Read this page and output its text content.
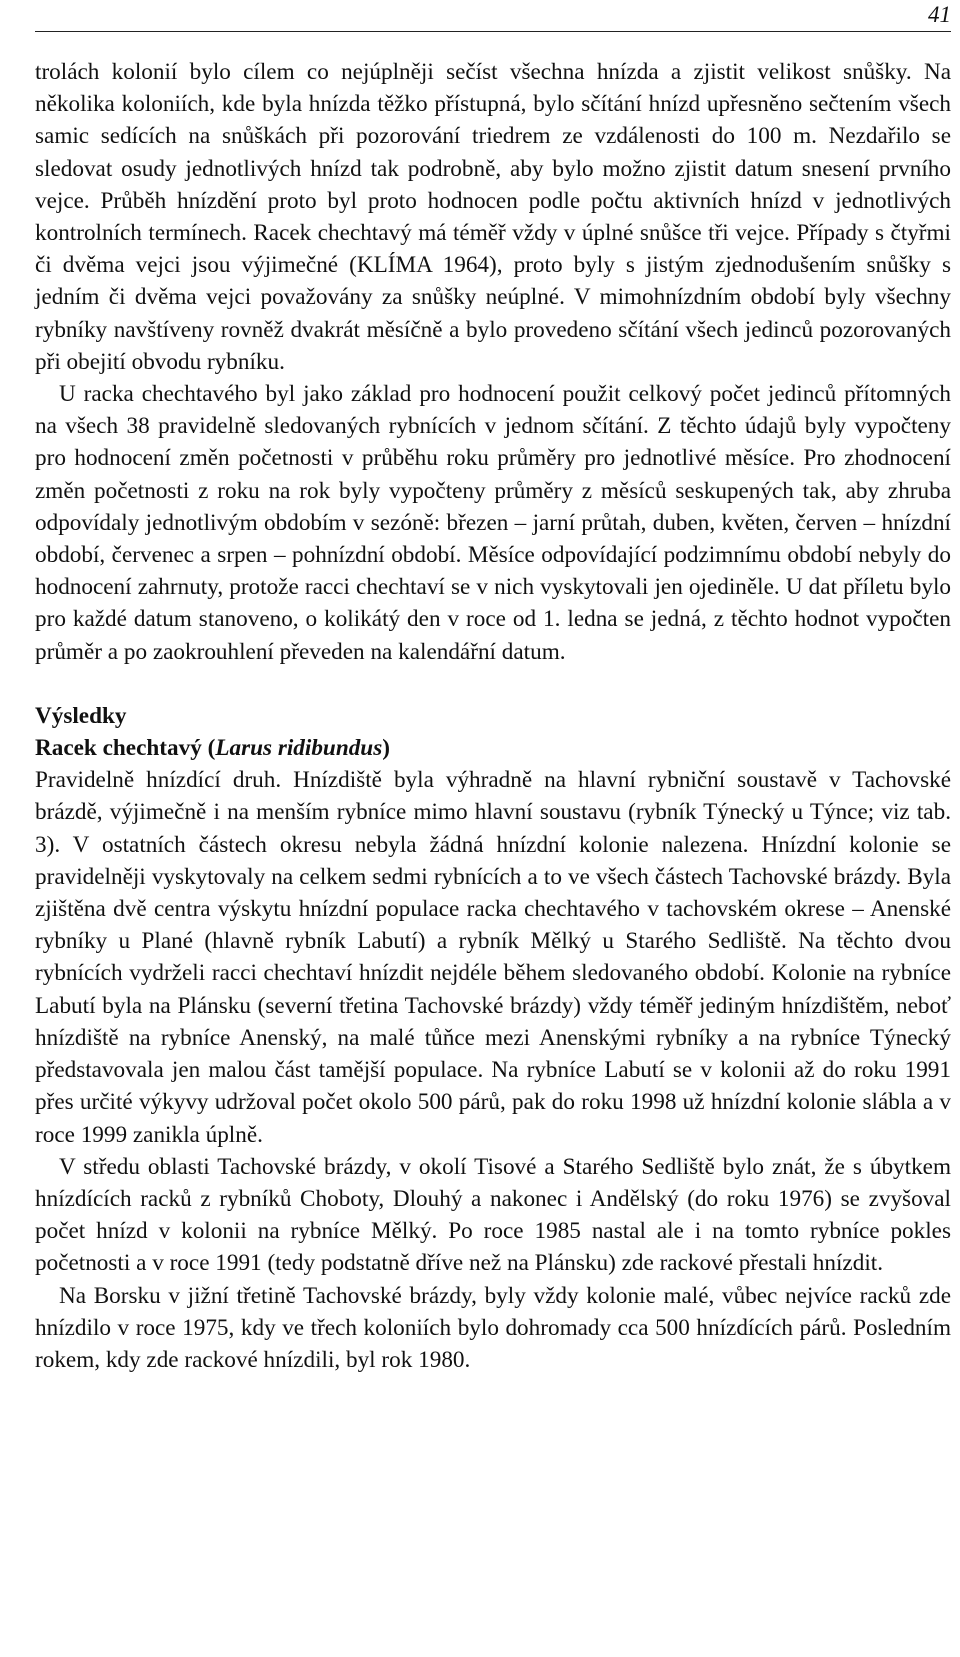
41

trolách kolonií bylo cílem co nejúplněji sečíst všechna hnízda a zjistit velikost snůšky. Na několika koloniích, kde byla hnízda těžko přístupná, bylo sčítání hnízd upřesněno sečtením všech samic sedících na snůškách při pozorování triedrem ze vzdálenosti do 100 m. Nezdařilo se sledovat osudy jednotlivých hnízd tak podrobně, aby bylo možno zjistit datum snesení prvního vejce. Průběh hnízdění proto byl proto hodnocen podle počtu aktivních hnízd v jednotlivých kontrolních termínech. Racek chechtavý má téměř vždy v úplné snůšce tři vejce. Případy s čtyřmi či dvěma vejci jsou výjimečné (KLÍMA 1964), proto byly s jistým zjednodušením snůšky s jedním či dvěma vejci považovány za snůšky neúplné. V mimohnízdním období byly všechny rybníky navštíveny rovněž dvakrát měsíčně a bylo provedeno sčítání všech jedinců pozorovaných při obejití obvodu rybníku.

U racka chechtavého byl jako základ pro hodnocení použit celkový počet jedinců přítomných na všech 38 pravidelně sledovaných rybnících v jednom sčítání. Z těchto údajů byly vypočteny pro hodnocení změn početnosti v průběhu roku průměry pro jednotlivé měsíce. Pro zhodnocení změn početnosti z roku na rok byly vypočteny průměry z měsíců seskupených tak, aby zhruba odpovídaly jednotlivým obdobím v sezóně: březen – jarní průtah, duben, květen, červen – hnízdní období, červenec a srpen – pohnízdní období. Měsíce odpovídající podzimnímu období nebyly do hodnocení zahrnuty, protože racci chechtaví se v nich vyskytovali jen ojediněle. U dat příletu bylo pro každé datum stanoveno, o kolikátý den v roce od 1. ledna se jedná, z těchto hodnot vypočten průměr a po zaokrouhlení převeden na kalendářní datum.

Výsledky

Racek chechtavý (Larus ridibundus)

Pravidelně hnízdící druh. Hnízdiště byla výhradně na hlavní rybniční soustavě v Tachovské brázdě, výjimečně i na menším rybníce mimo hlavní soustavu (rybník Týnecký u Týnce; viz tab. 3). V ostatních částech okresu nebyla žádná hnízdní kolonie nalezena. Hnízdní kolonie se pravidelněji vyskytovaly na celkem sedmi rybnících a to ve všech částech Tachovské brázdy. Byla zjištěna dvě centra výskytu hnízdní populace racka chechtavého v tachovském okrese – Anenské rybníky u Plané (hlavně rybník Labutí) a rybník Mělký u Starého Sedliště. Na těchto dvou rybnících vydrželi racci chechtaví hnízdit nejdéle během sledovaného období. Kolonie na rybníce Labutí byla na Plánsku (severní třetina Tachovské brázdy) vždy téměř jediným hnízdištěm, neboť hnízdiště na rybníce Anenský, na malé tůňce mezi Anenskými rybníky a na rybníce Týnecký představovala jen malou část tamější populace. Na rybníce Labutí se v kolonii až do roku 1991 přes určité výkyvy udržoval počet okolo 500 párů, pak do roku 1998 už hnízdní kolonie slábla a v roce 1999 zanikla úplně.

V středu oblasti Tachovské brázdy, v okolí Tisové a Starého Sedliště bylo znát, že s úbytkem hnízdících racků z rybníků Choboty, Dlouhý a nakonec i Andělský (do roku 1976) se zvyšoval počet hnízd v kolonii na rybníce Mělký. Po roce 1985 nastal ale i na tomto rybníce pokles početnosti a v roce 1991 (tedy podstatně dříve než na Plánsku) zde rackové přestali hnízdit.

Na Borsku v jižní třetině Tachovské brázdy, byly vždy kolonie malé, vůbec nejvíce racků zde hnízdilo v roce 1975, kdy ve třech koloniích bylo dohromady cca 500 hnízdících párů. Posledním rokem, kdy zde rackové hnízdili, byl rok 1980.
